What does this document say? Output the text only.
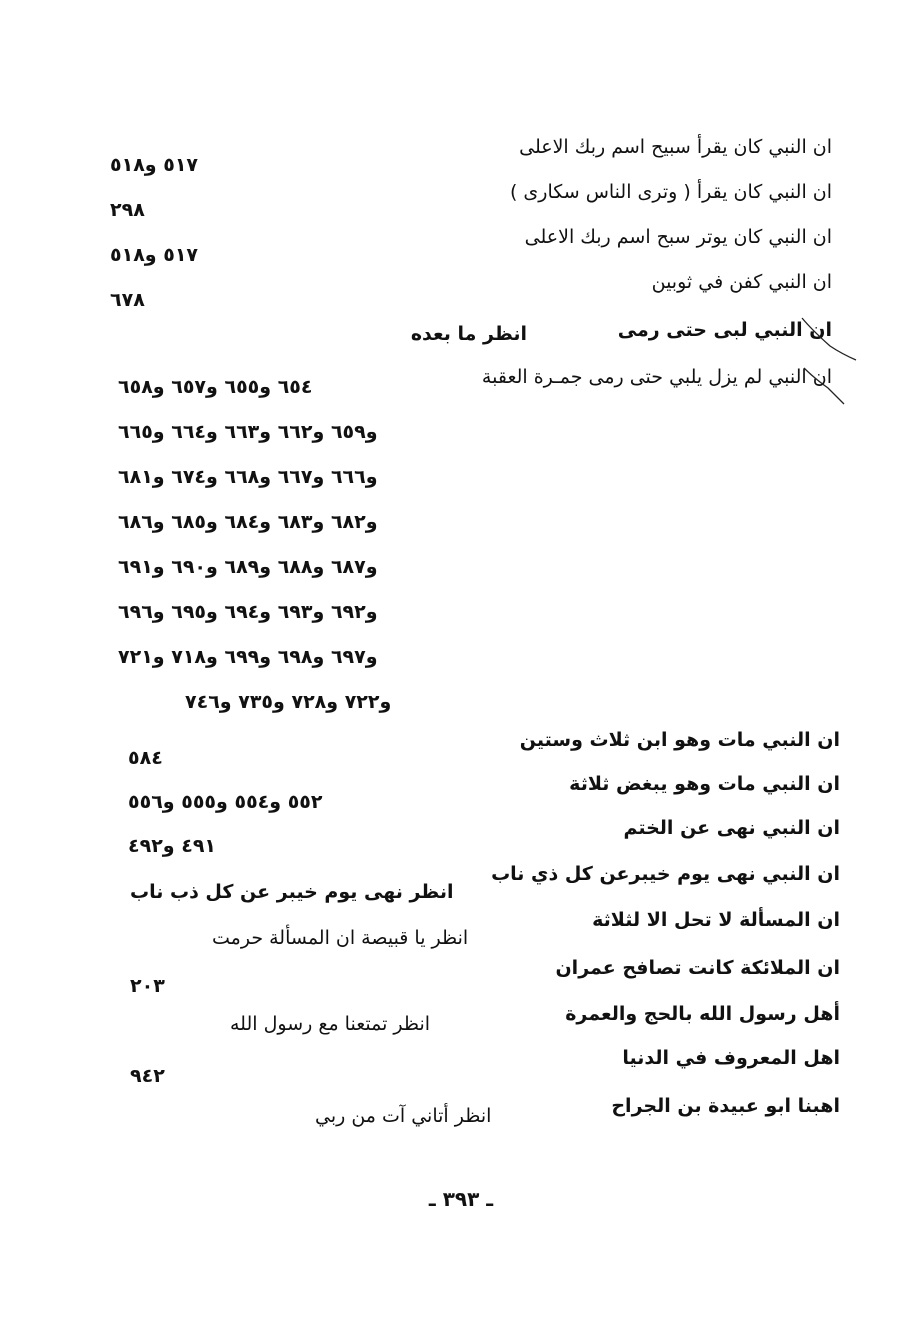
ان النبي كان يقرأ سبيح اسم ربك الاعلى
٥١٧ و٥١٨
ان النبي كان يقرأ ( وترى الناس سكارى )
٢٩٨
ان النبي كان يوتر سبح اسم ربك الاعلى
٥١٧ و٥١٨
ان النبي كفن في ثوبين
٦٧٨
ان النبي لبى حتى رمى
انظر ما بعده
ان النبي لم يزل يلبي حتى رمى جمـرة العقبة
٦٥٤ و٦٥٥ و٦٥٧ و٦٥٨
و٦٥٩ و٦٦٢ و٦٦٣ و٦٦٤ و٦٦٥
و٦٦٦ و٦٦٧ و٦٦٨ و٦٧٤ و٦٨١
و٦٨٢ و٦٨٣ و٦٨٤ و٦٨٥ و٦٨٦
و٦٨٧ و٦٨٨ و٦٨٩ و٦٩٠ و٦٩١
و٦٩٢ و٦٩٣ و٦٩٤ و٦٩٥ و٦٩٦
و٦٩٧ و٦٩٨ و٦٩٩ و٧١٨ و٧٢١
و٧٢٢ و٧٢٨ و٧٣٥ و٧٤٦
ان النبي مات وهو ابن ثلاث وستين
٥٨٤
ان النبي مات وهو يبغض ثلاثة
٥٥٢ و٥٥٤ و٥٥٥ و٥٥٦
ان النبي نهى عن الختم
٤٩١ و٤٩٢
ان النبي نهى يوم خيبرعن كل ذي ناب
انظر نهى يوم خيبر عن كل ذب ناب
ان المسألة لا تحل الا لثلاثة
انظر يا قبيصة ان المسألة حرمت
ان الملائكة كانت تصافح عمران
٢٠٣
أهل رسول الله بالحج والعمرة
انظر تمتعنا مع رسول الله
اهل المعروف في الدنيا
٩٤٢
اهبنا ابو عبيدة بن الجراح
انظر أتاني آت من ربي
ـ ٣٩٣ ـ
